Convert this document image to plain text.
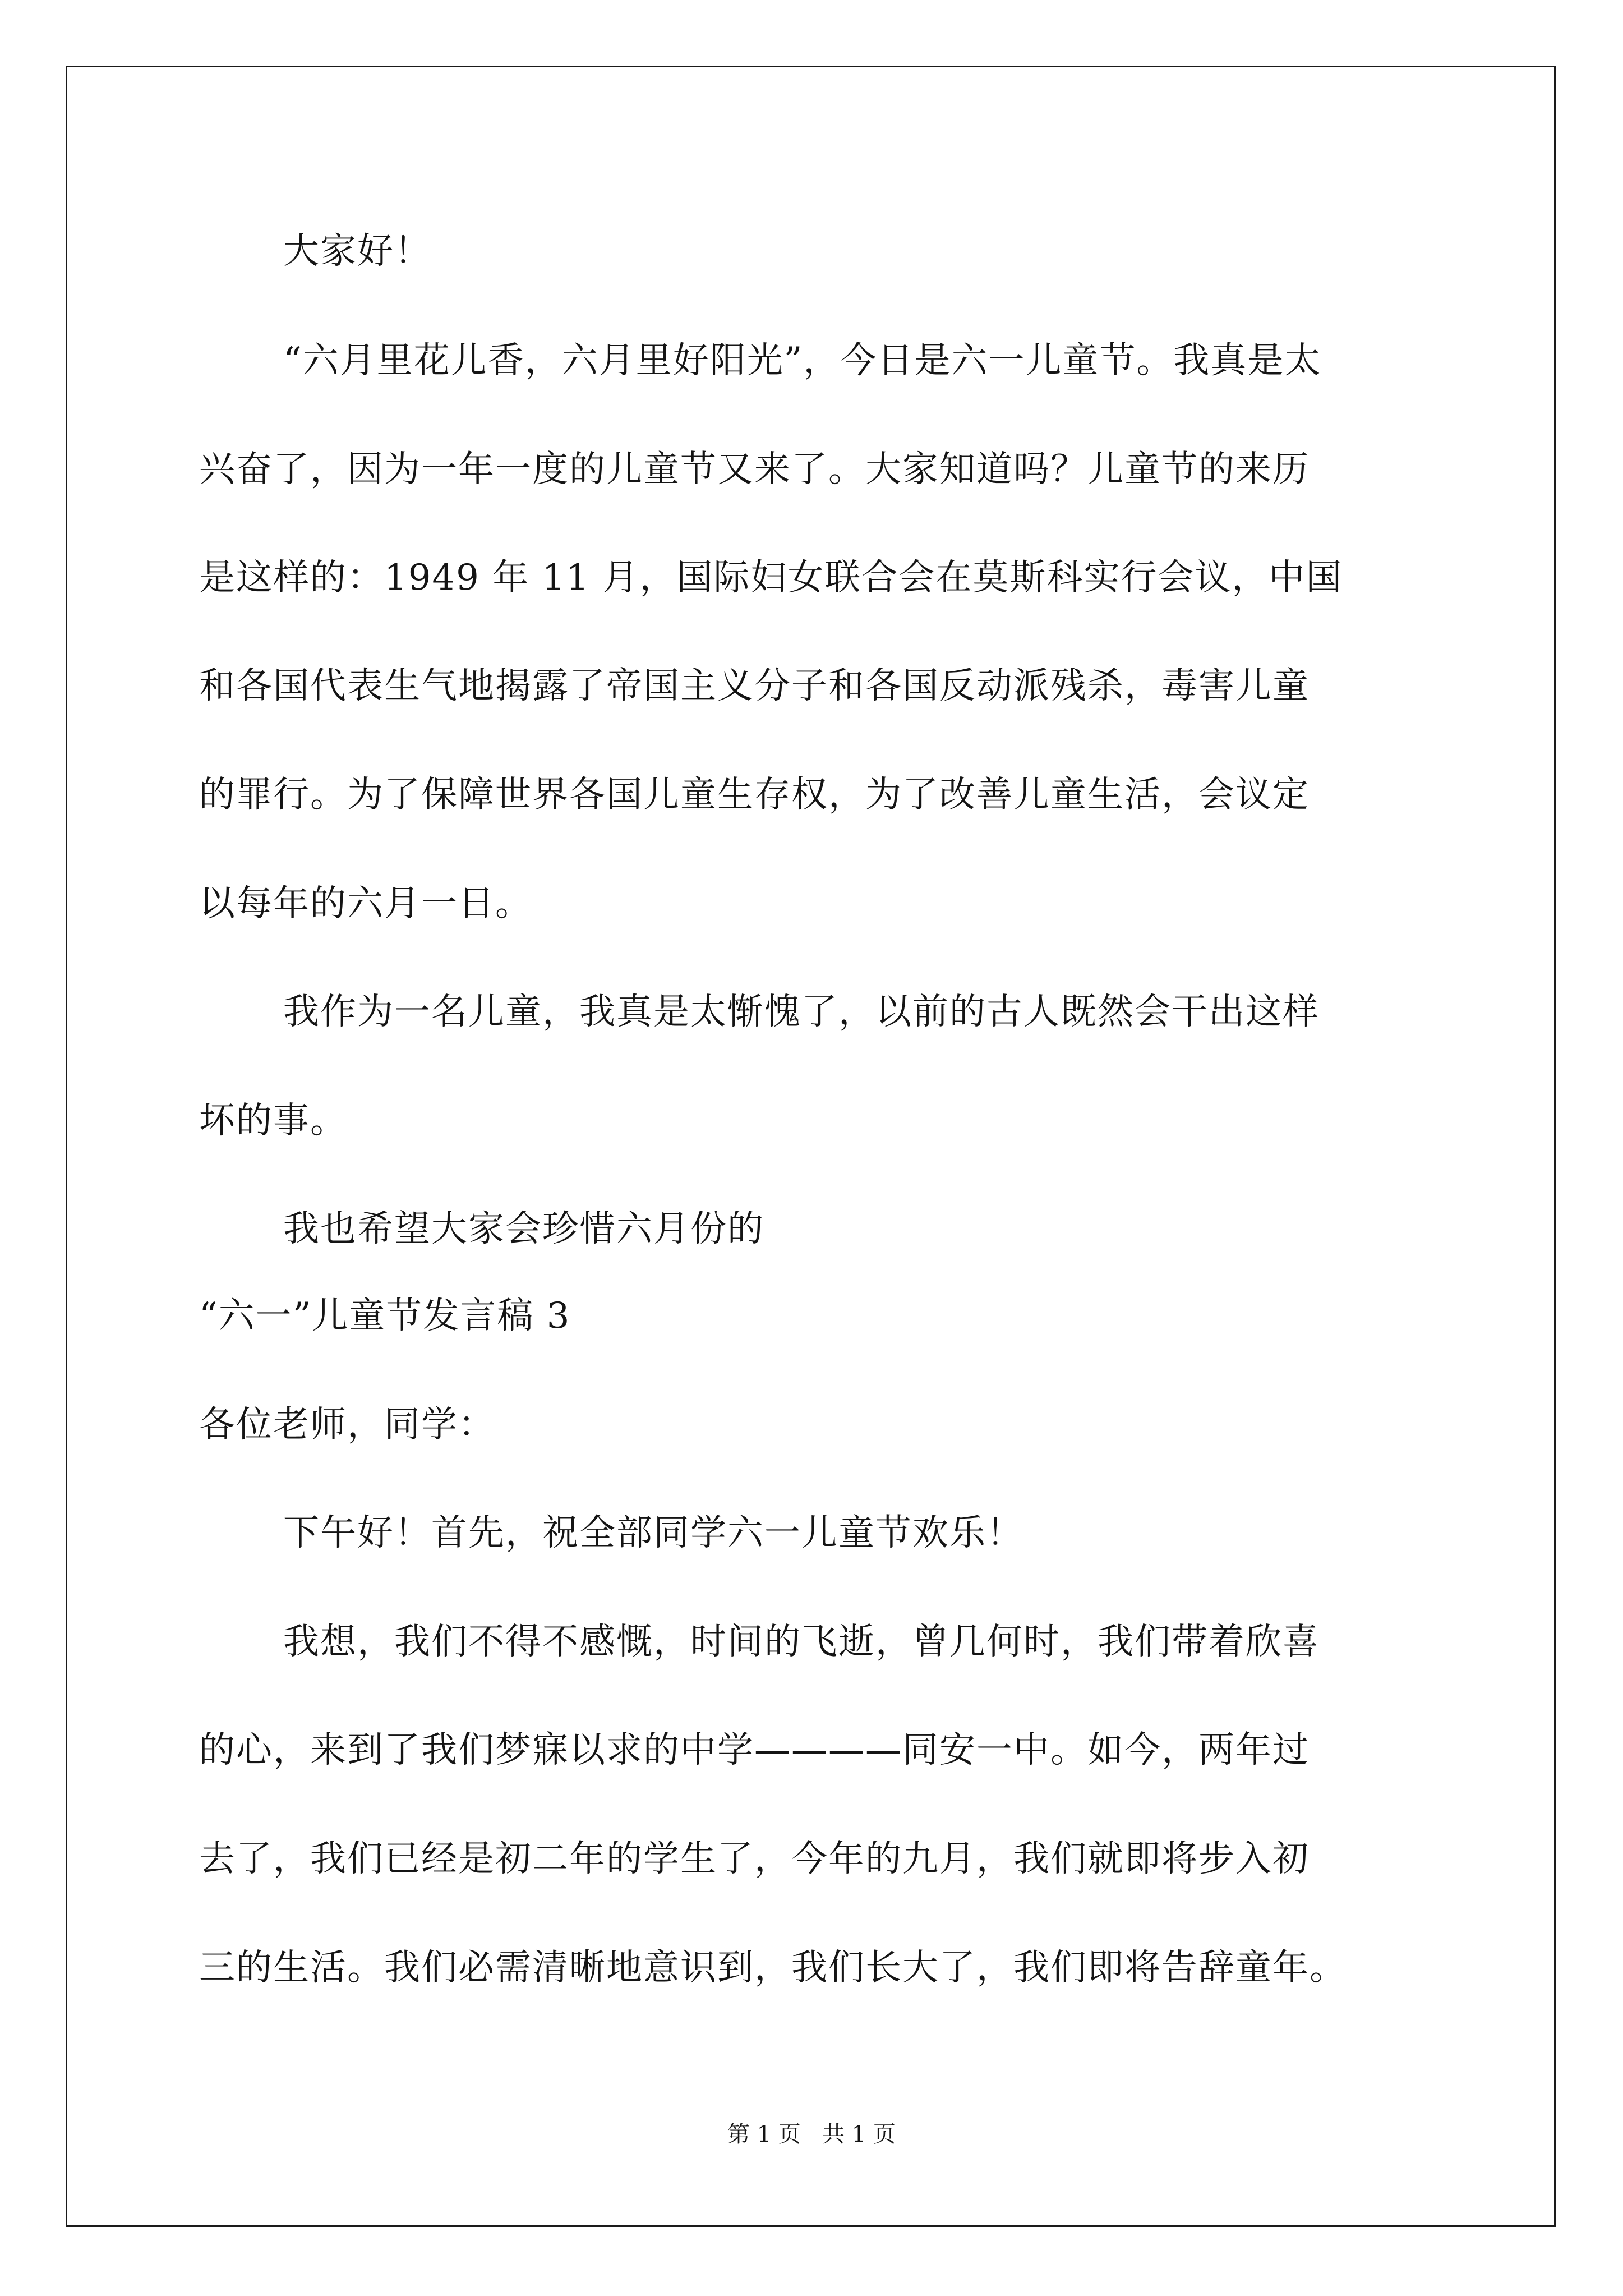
大家好！
“六月里花儿香，六月里好阳光”，今日是六一儿童节。我真是太
兴奋了，因为一年一度的儿童节又来了。大家知道吗？儿童节的来历
是这样的：1949 年 11 月，国际妇女联合会在莫斯科实行会议，中国
和各国代表生气地揭露了帝国主义分子和各国反动派残杀，毒害儿童
的罪行。为了保障世界各国儿童生存权，为了改善儿童生活，会议定
以每年的六月一日。
我作为一名儿童，我真是太惭愧了，以前的古人既然会干出这样
坏的事。
我也希望大家会珍惜六月份的
“六一”儿童节发言稿 3
各位老师，同学：
下午好！首先，祝全部同学六一儿童节欢乐！
我想，我们不得不感慨，时间的飞逝，曾几何时，我们带着欣喜
的心，来到了我们梦寐以求的中学————同安一中。如今，两年过
去了，我们已经是初二年的学生了，今年的九月，我们就即将步入初
三的生活。我们必需清晰地意识到，我们长大了，我们即将告辞童年。
第 1 页   共 1 页
